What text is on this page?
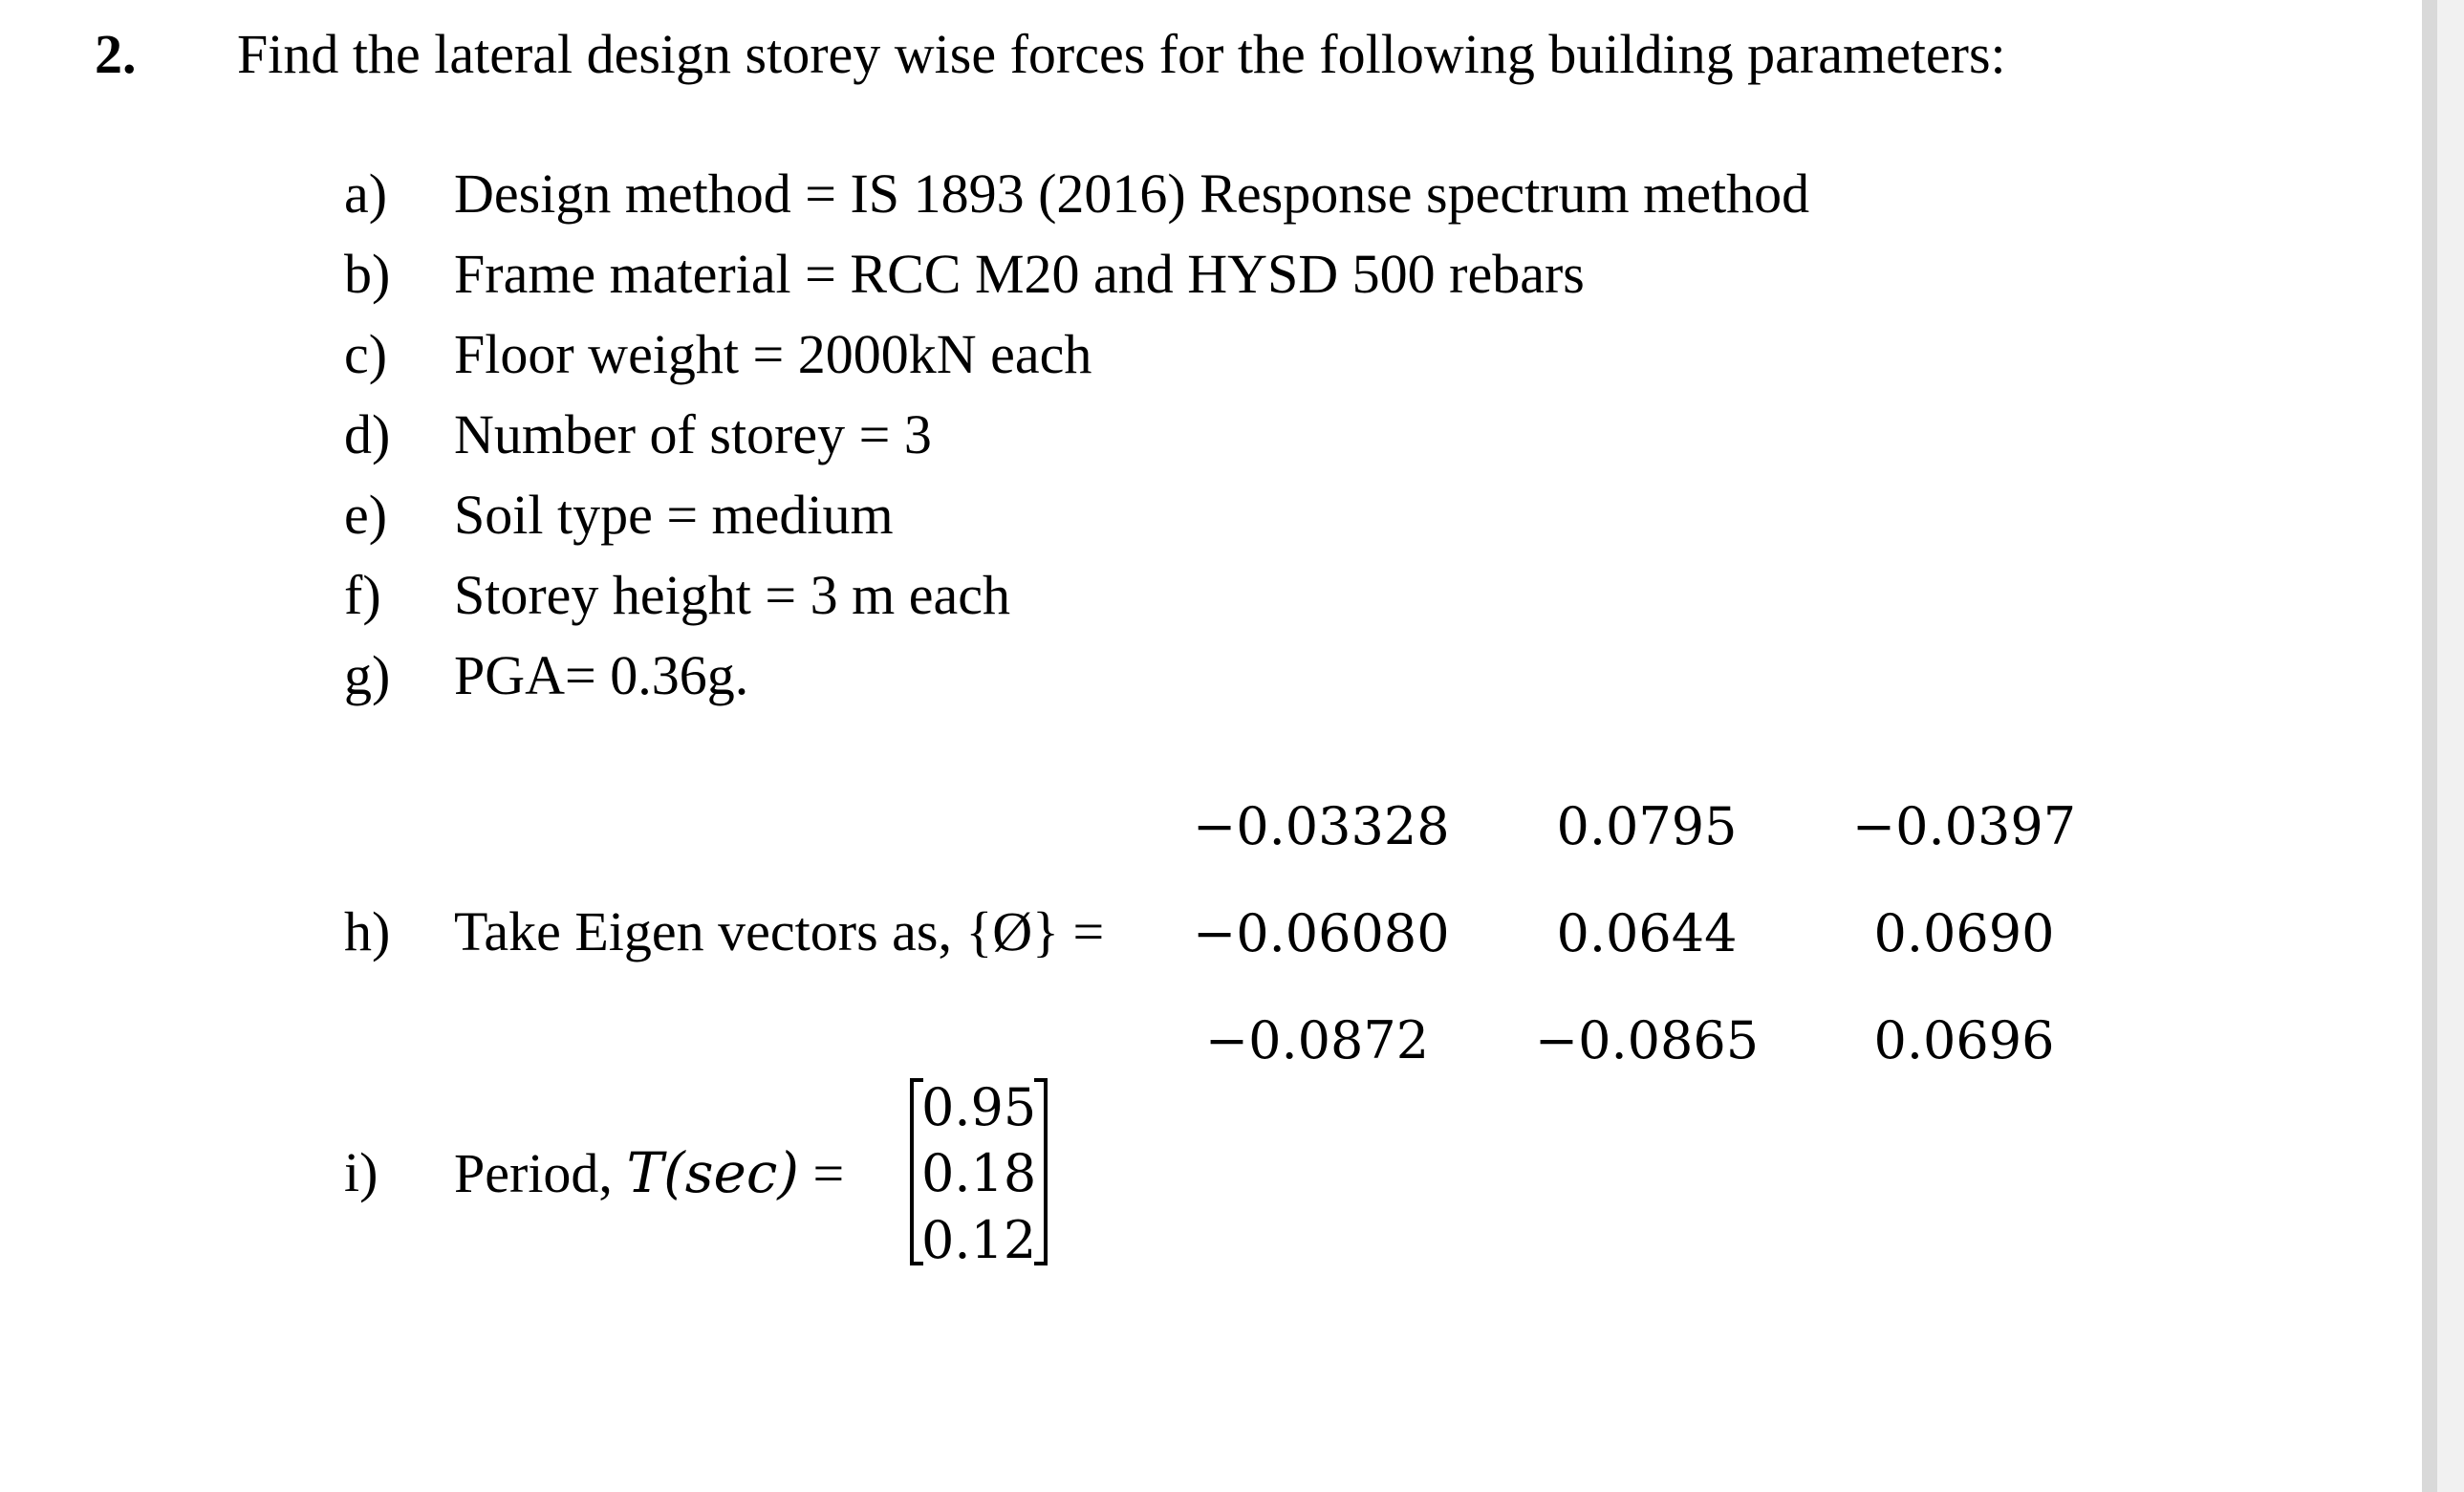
2. Find the lateral design storey wise forces for the following building parameters:
a) Design method = IS 1893 (2016) Response spectrum method
b) Frame material = RCC M20 and HYSD 500 rebars
c) Floor weight = 2000kN each
d) Number of storey = 3
e) Soil type = medium
f) Storey height = 3 m each
g) PGA= 0.36g.
h) Take Eigen vectors as, {Ø} =
−0.03328	0.0795	−0.0397
−0.06080	0.0644	0.0690
−0.0872 −0.0865	0.0696
i) Period, T(sec) =
0.95
0.18
0.12
